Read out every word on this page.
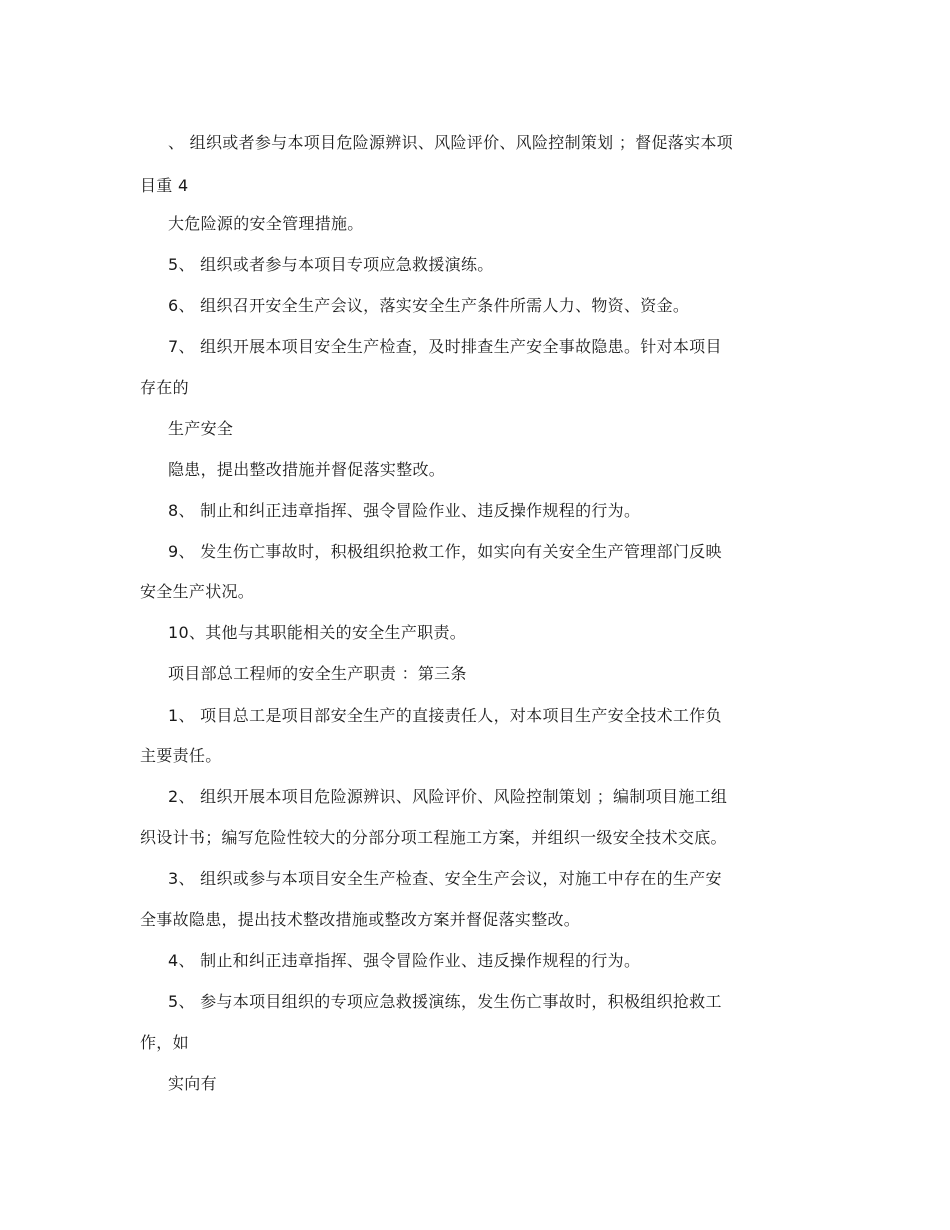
、 组织或者参与本项目危险源辨识、风险评价、风险控制策划 ；督促落实本项
目重 4
大危险源的安全管理措施。
5、 组织或者参与本项目专项应急救援演练。
6、 组织召开安全生产会议，落实安全生产条件所需人力、物资、资金。
7、 组织开展本项目安全生产检查，及时排查生产安全事故隐患。针对本项目
存在的
生产安全
隐患，提出整改措施并督促落实整改。
8、 制止和纠正违章指挥、强令冒险作业、违反操作规程的行为。
9、 发生伤亡事故时，积极组织抢救工作，如实向有关安全生产管理部门反映
安全生产状况。
10、其他与其职能相关的安全生产职责。
项目部总工程师的安全生产职责 ：第三条
1、 项目总工是项目部安全生产的直接责任人，对本项目生产安全技术工作负
主要责任。
2、 组织开展本项目危险源辨识、风险评价、风险控制策划 ；编制项目施工组
织设计书；编写危险性较大的分部分项工程施工方案，并组织一级安全技术交底。
3、 组织或参与本项目安全生产检查、安全生产会议，对施工中存在的生产安
全事故隐患，提出技术整改措施或整改方案并督促落实整改。
4、 制止和纠正违章指挥、强令冒险作业、违反操作规程的行为。
5、 参与本项目组织的专项应急救援演练，发生伤亡事故时，积极组织抢救工
作，如
实向有
